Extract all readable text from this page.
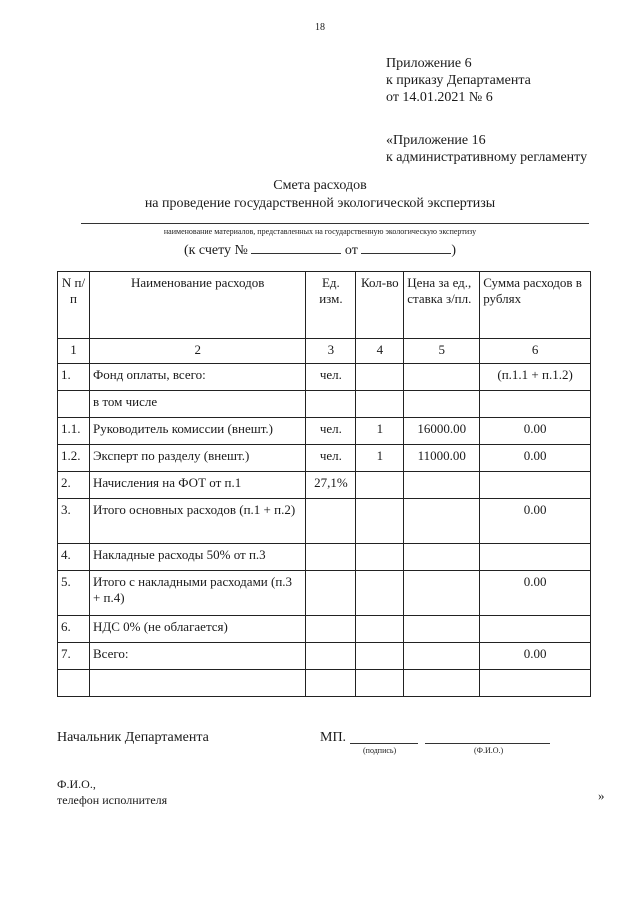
18
Приложение 6
к приказу Департамента
от 14.01.2021 № 6
«Приложение 16
к административному регламенту
Смета расходов
на проведение государственной экологической экспертизы
наименование материалов, представленных на государственную экологическую экспертизу
(к счету №	от	)
N п/п	Наименование расходов	Ед. изм.	Кол-во	Цена за ед., ставка з/пл.	Сумма расходов в рублях
1	2	3	4	5	6
1.	Фонд оплаты, всего:	чел.			(п.1.1 + п.1.2)
	в том числе				
1.1.	Руководитель комиссии (внешт.)	чел.	1	16000.00	0.00
1.2.	Эксперт по разделу (внешт.)	чел.	1	11000.00	0.00
2.	Начисления на ФОТ от п.1	27,1%			
3.	Итого основных расходов (п.1 + п.2)				0.00
4.	Накладные расходы 50% от п.3				
5.	Итого с накладными расходами (п.3 + п.4)				0.00
6.	НДС 0% (не облагается)				
7.	Всего:				0.00

Начальник Департамента	МП.
(подпись)	(Ф.И.О.)
Ф.И.О.,
телефон исполнителя	»
